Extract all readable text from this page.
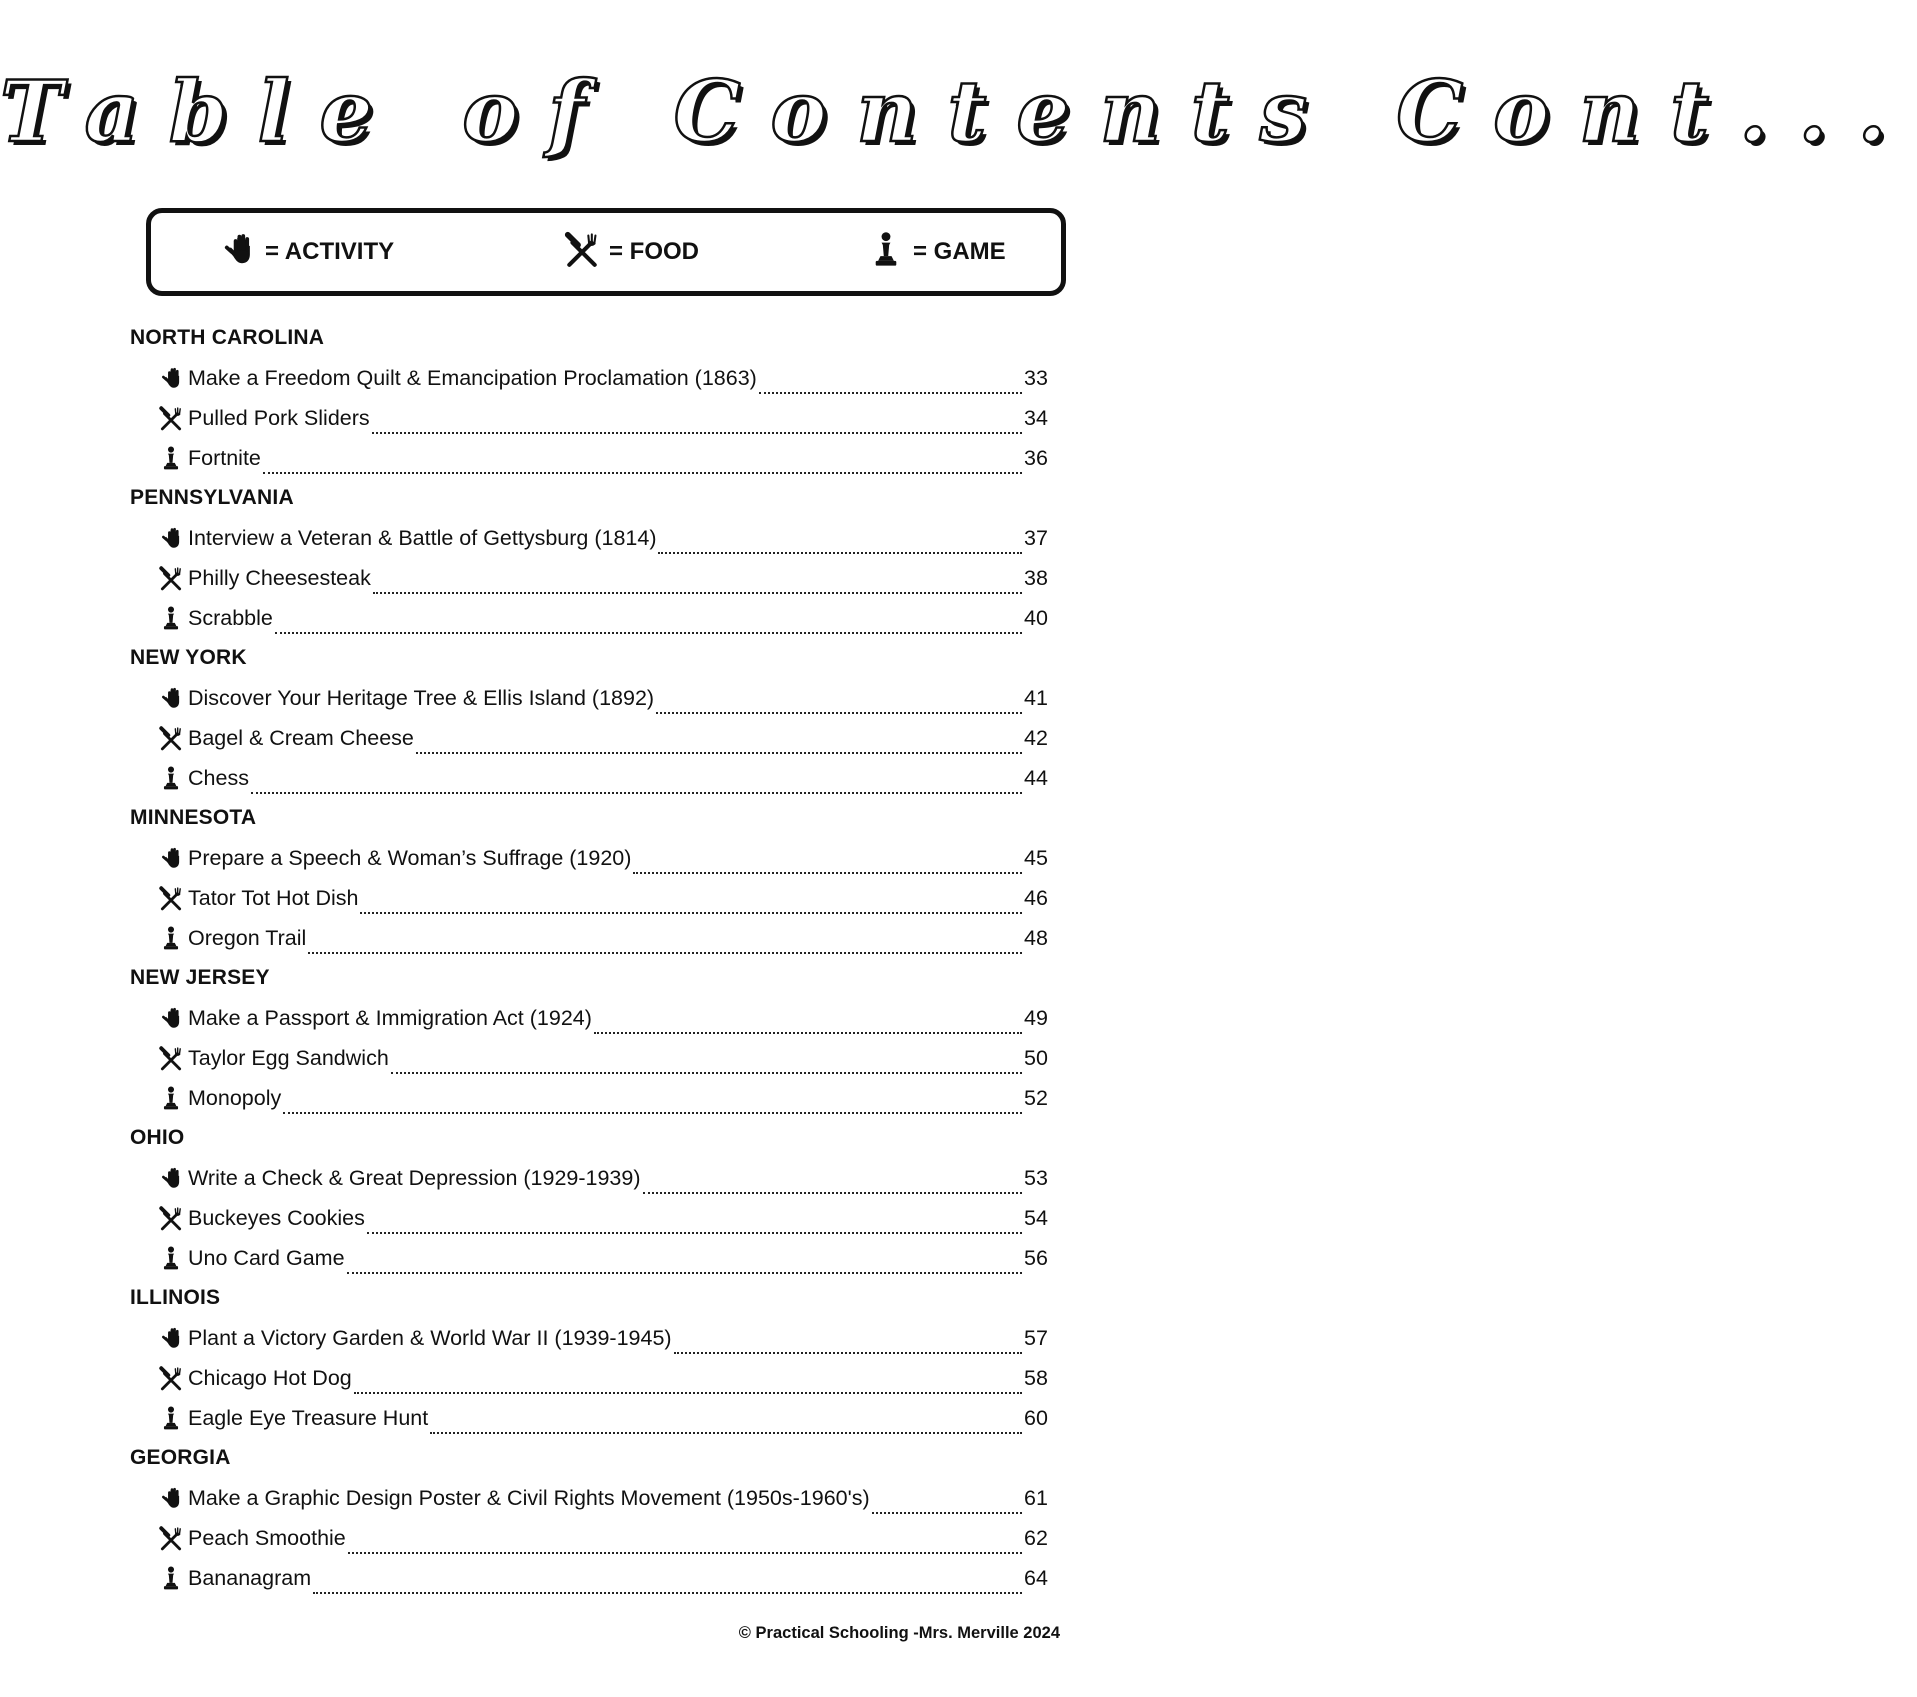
Table of Contents Cont...
= ACTIVITY	= FOOD	= GAME
NORTH CAROLINA
Make a Freedom Quilt & Emancipation Proclamation (1863)	33
Pulled Pork Sliders	34
Fortnite	36
PENNSYLVANIA
Interview a Veteran & Battle of Gettysburg (1814)	37
Philly Cheesesteak	38
Scrabble	40
NEW YORK
Discover Your Heritage Tree & Ellis Island (1892)	41
Bagel & Cream Cheese	42
Chess	44
MINNESOTA
Prepare a Speech & Woman’s Suffrage (1920)	45
Tator Tot Hot Dish	46
Oregon Trail	48
NEW JERSEY
Make a Passport & Immigration Act (1924)	49
Taylor Egg Sandwich	50
Monopoly	52
OHIO
Write a Check & Great Depression (1929-1939)	53
Buckeyes Cookies	54
Uno Card Game	56
ILLINOIS
Plant a Victory Garden & World War II (1939-1945)	57
Chicago Hot Dog	58
Eagle Eye Treasure Hunt	60
GEORGIA
Make a Graphic Design Poster & Civil Rights Movement (1950s-1960's)	61
Peach Smoothie	62
Bananagram	64
© Practical Schooling -Mrs. Merville 2024
